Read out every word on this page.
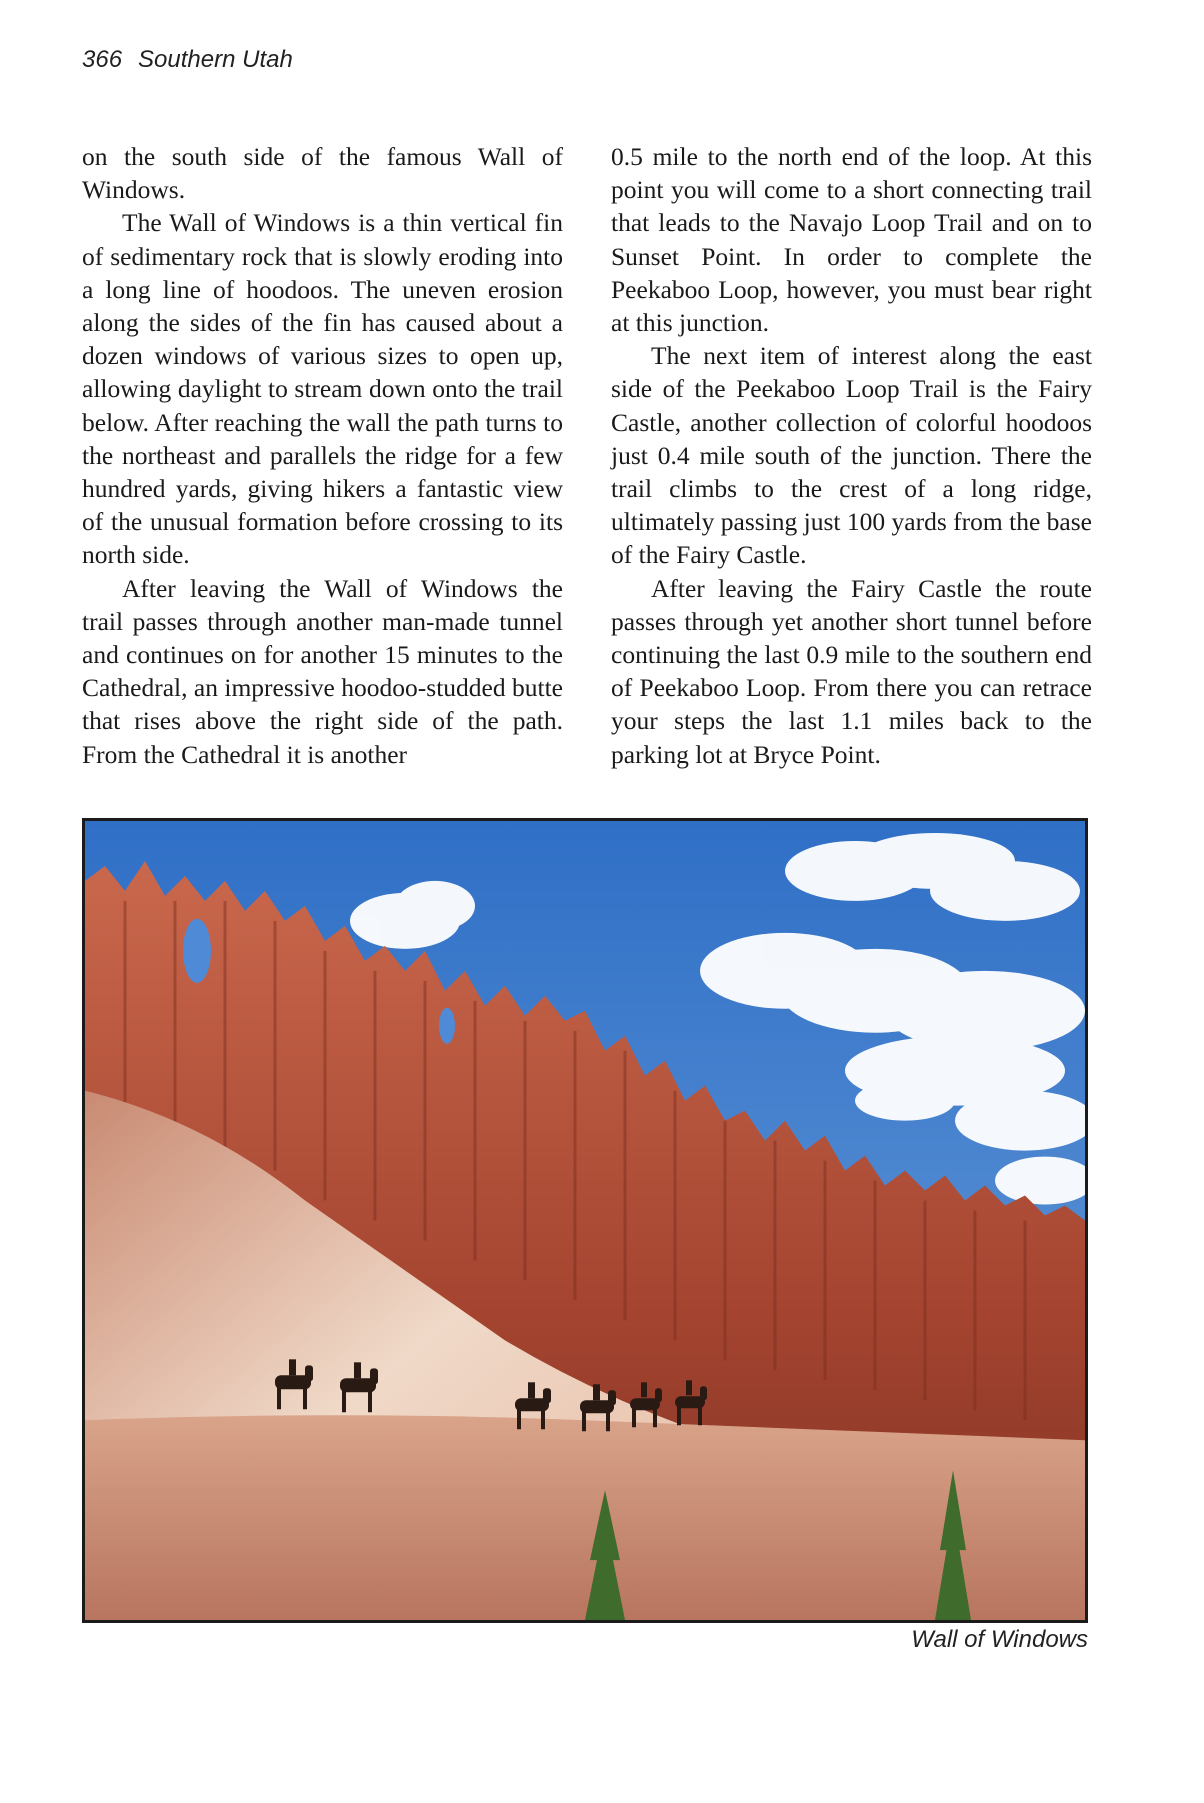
366 Southern Utah

on the south side of the famous Wall of Windows.

The Wall of Windows is a thin vertical fin of sedimentary rock that is slowly eroding into a long line of hoodoos. The uneven erosion along the sides of the fin has caused about a dozen windows of various sizes to open up, allowing daylight to stream down onto the trail below. After reaching the wall the path turns to the northeast and parallels the ridge for a few hundred yards, giving hikers a fantastic view of the unusual formation before crossing to its north side.

After leaving the Wall of Windows the trail passes through another man-made tunnel and continues on for another 15 minutes to the Cathedral, an impressive hoodoo-studded butte that rises above the right side of the path. From the Cathedral it is another

0.5 mile to the north end of the loop. At this point you will come to a short connecting trail that leads to the Navajo Loop Trail and on to Sunset Point. In order to complete the Peekaboo Loop, however, you must bear right at this junction.

The next item of interest along the east side of the Peekaboo Loop Trail is the Fairy Castle, another collection of colorful hoodoos just 0.4 mile south of the junction. There the trail climbs to the crest of a long ridge, ultimately passing just 100 yards from the base of the Fairy Castle.

After leaving the Fairy Castle the route passes through yet another short tunnel before continuing the last 0.9 mile to the southern end of Peekaboo Loop. From there you can retrace your steps the last 1.1 miles back to the parking lot at Bryce Point.

Wall of Windows
